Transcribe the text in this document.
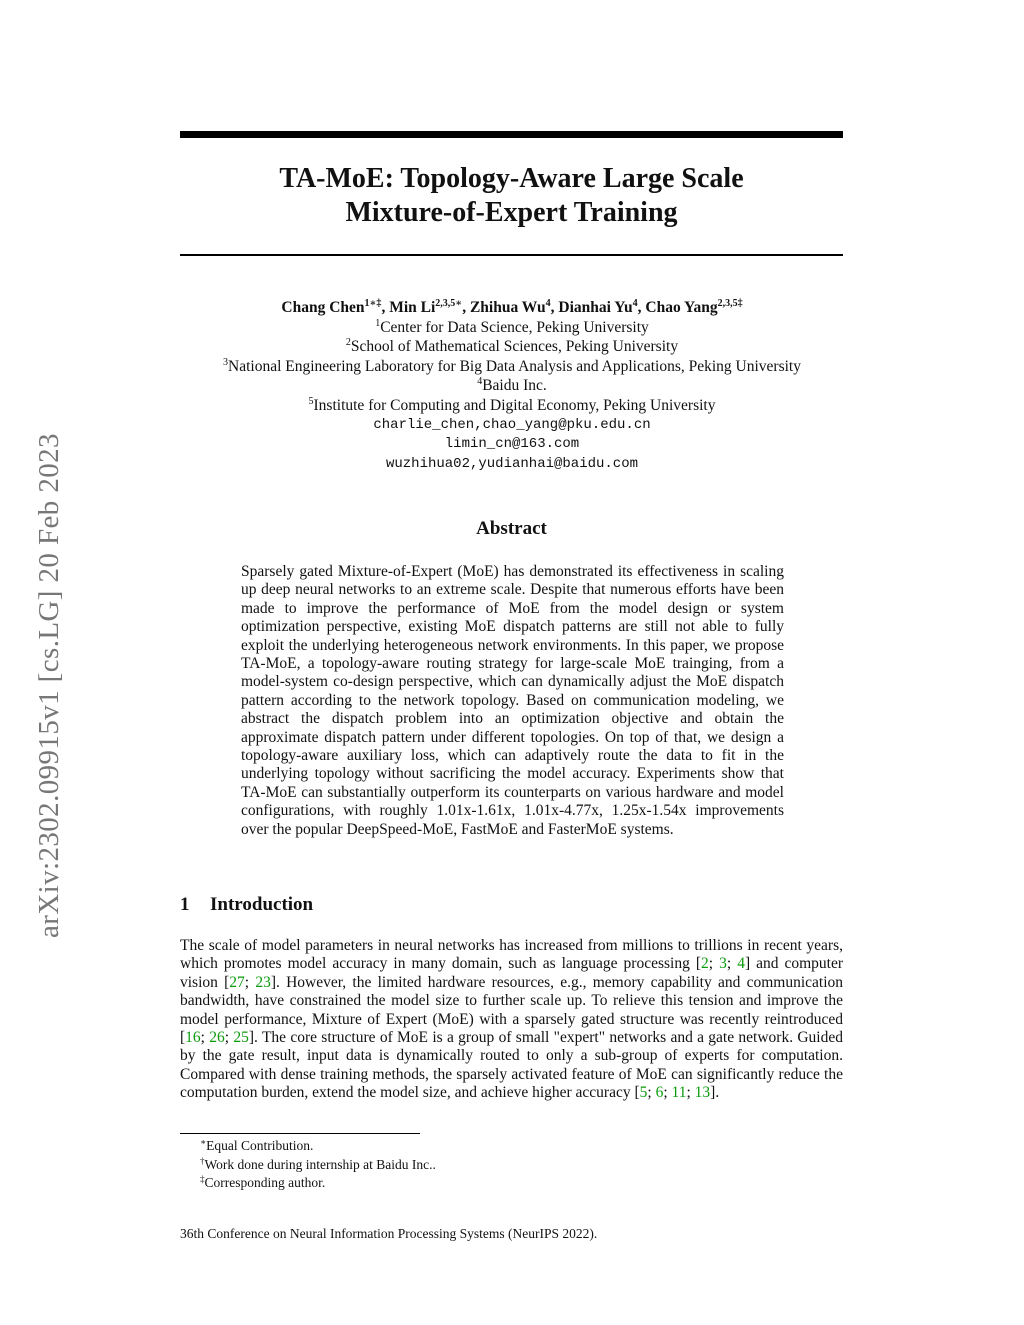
arXiv:2302.09915v1 [cs.LG] 20 Feb 2023
TA-MoE: Topology-Aware Large Scale
Mixture-of-Expert Training
Chang Chen$^{1∗\ddagger}$, Min $Li^{2,3,5∗}$, Zhihua Wu$^4$, Dianhai Yu$^4$, Chao Yang$^{2,3,5\ddagger}$
$^1$Center for Data Science, Peking University
$^2$School of Mathematical Sciences, Peking University
$^3$National Engineering Laboratory for Big Data Analysis and Applications, Peking University
$^4$Baidu Inc.
$^5$Institute for Computing and Digital Economy, Peking University
charlie_chen,chao_yang@pku.edu.cn
limin_cn@163.com
wuzhihua02,yudianhai@baidu.com
Abstract

Sparsely gated Mixture-of-Expert (MoE) has demonstrated its effectiveness in scaling up deep neural networks to an extreme scale. Despite that numerous efforts have been made to improve the performance of MoE from the model design or system optimization perspective, existing MoE dispatch patterns are still not able to fully exploit the underlying heterogeneous network environments. In this paper, we propose TA-MoE, a topology-aware routing strategy for large-scale MoE trainging, from a model-system co-design perspective, which can dynamically adjust the MoE dispatch pattern according to the network topology. Based on communication modeling, we abstract the dispatch problem into an optimization objective and obtain the approximate dispatch pattern under different topologies. On top of that, we design a topology-aware auxiliary loss, which can adaptively route the data to fit in the underlying topology without sacrificing the model accuracy. Experiments show that TA-MoE can substantially outperform its counterparts on various hardware and model configurations, with roughly 1.01x-1.61x, 1.01x-4.77x, 1.25x-1.54x improvements over the popular DeepSpeed-MoE, FastMoE and FasterMoE systems.

1 Introduction

The scale of model parameters in neural networks has increased from millions to trillions in recent years, which promotes model accuracy in many domain, such as language processing [2; 3; 4] and computer vision [27; 23]. However, the limited hardware resources, e.g., memory capability and communication bandwidth, have constrained the model size to further scale up. To relieve this tension and improve the model performance, Mixture of Expert (MoE) with a sparsely gated structure was recently reintroduced [16; 26; 25]. The core structure of MoE is a group of small "expert" networks and a gate network. Guided by the gate result, input data is dynamically routed to only a sub-group of experts for computation. Compared with dense training methods, the sparsely activated feature of MoE can significantly reduce the computation burden, extend the model size, and achieve higher accuracy [5; 6; 11; 13].

∗Equal Contribution.
†Work done during internship at Baidu Inc..
‡Corresponding author.
36th Conference on Neural Information Processing Systems (NeurIPS 2022).
